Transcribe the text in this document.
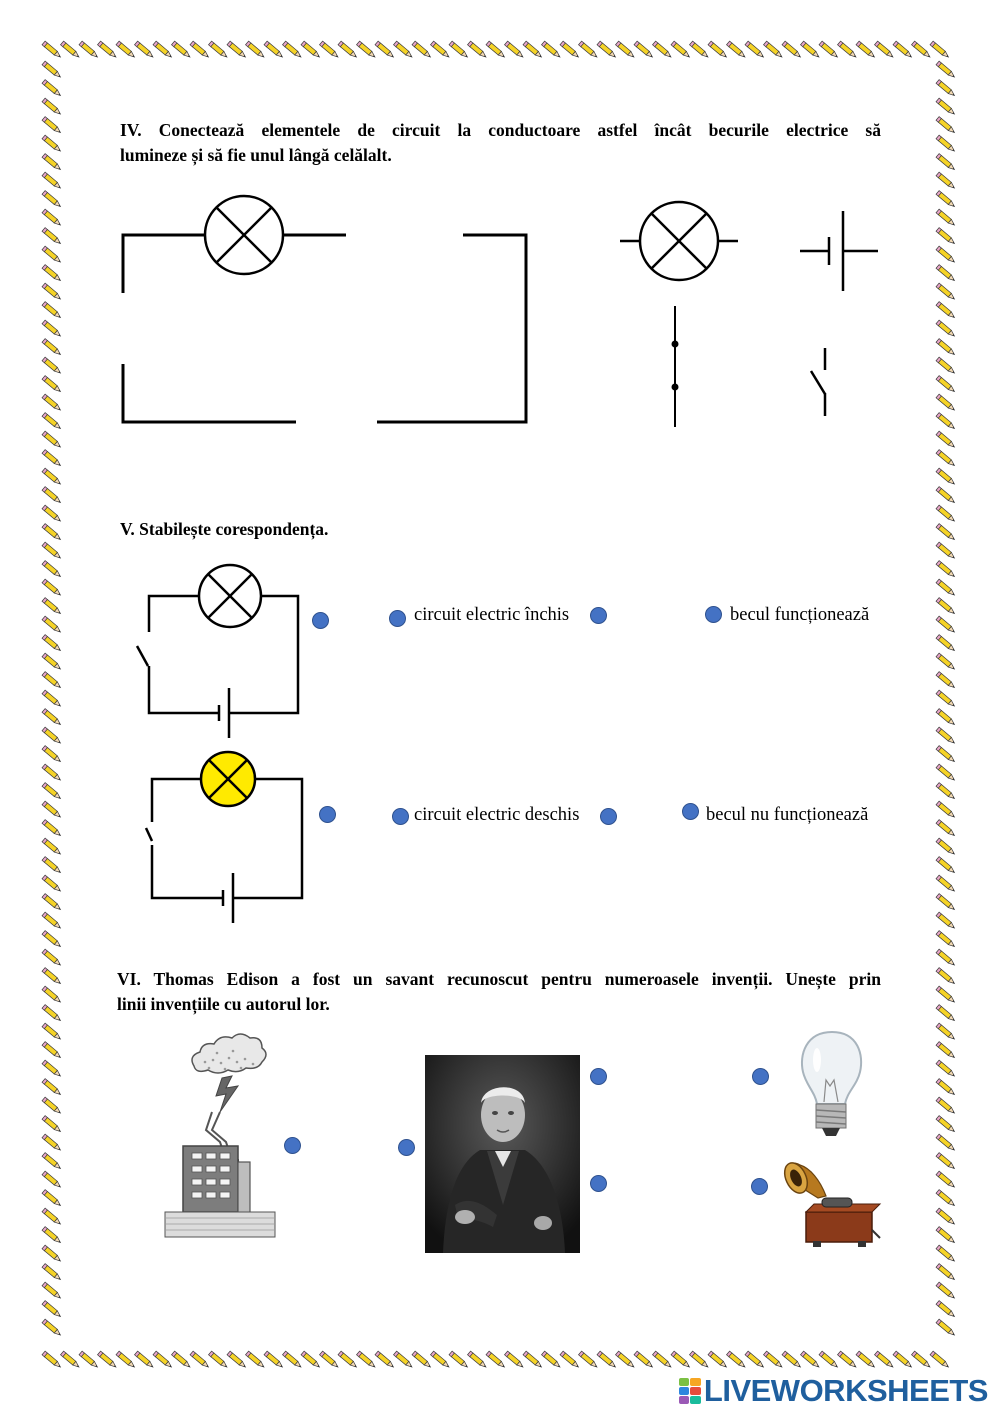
IV. Conectează elementele de circuit la conductoare astfel încât becurile electrice să
lumineze și să fie unul lângă celălalt.
V. Stabilește corespondența.
circuit electric închis	becul funcționează
circuit electric deschis	becul nu funcționează
VI. Thomas Edison a fost un savant recunoscut pentru numeroasele invenții. Unește prin
linii invențiile cu autorul lor.
LIVEWORKSHEETS
